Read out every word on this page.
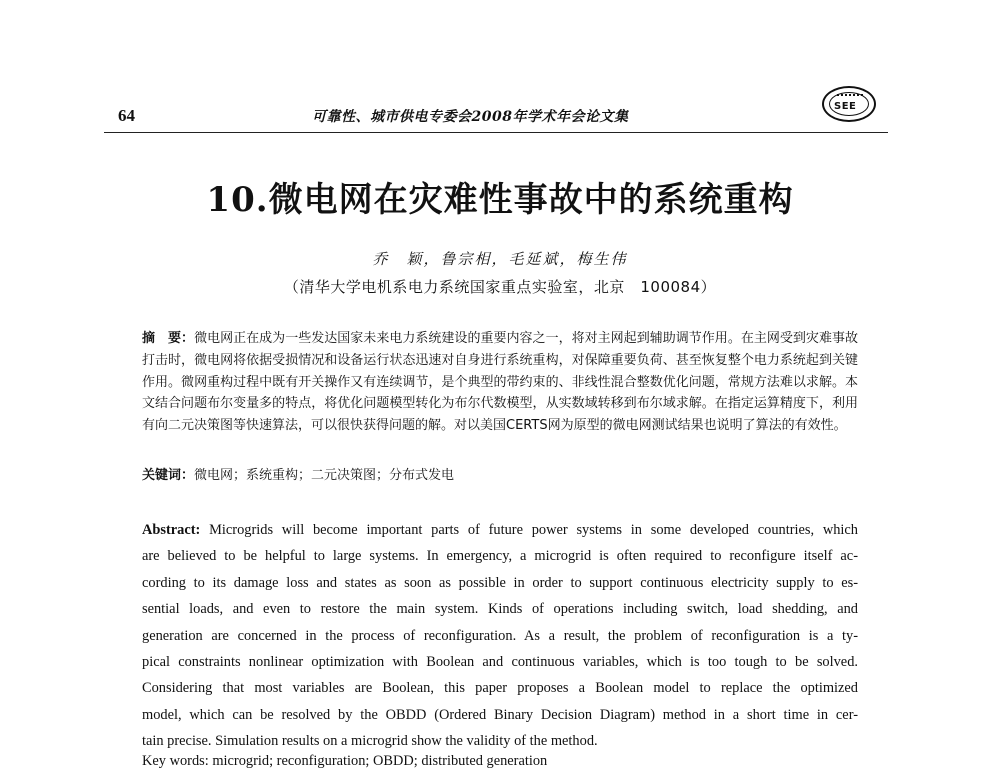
64	可靠性、城市供电专委会2008年学术年会论文集
SEE
10.微电网在灾难性事故中的系统重构
乔　颖，鲁宗相，毛延斌，梅生伟
（清华大学电机系电力系统国家重点实验室，北京　100084）
摘　要：微电网正在成为一些发达国家未来电力系统建设的重要内容之一，将对主网起到辅助调节作用。在主网受到灾难事故打击时，微电网将依据受损情况和设备运行状态迅速对自身进行系统重构，对保障重要负荷、甚至恢复整个电力系统起到关键作用。微网重构过程中既有开关操作又有连续调节，是个典型的带约束的、非线性混合整数优化问题，常规方法难以求解。本文结合问题布尔变量多的特点，将优化问题模型转化为布尔代数模型，从实数域转移到布尔域求解。在指定运算精度下，利用有向二元决策图等快速算法，可以很快获得问题的解。对以美国CERTS网为原型的微电网测试结果也说明了算法的有效性。
关键词：微电网；系统重构；二元决策图；分布式发电
Abstract: Microgrids will become important parts of future power systems in some developed countries, which
are believed to be helpful to large systems. In emergency, a microgrid is often required to reconfigure itself ac-
cording to its damage loss and states as soon as possible in order to support continuous electricity supply to es-
sential loads, and even to restore the main system. Kinds of operations including switch, load shedding, and
generation are concerned in the process of reconfiguration. As a result, the problem of reconfiguration is a ty-
pical constraints nonlinear optimization with Boolean and continuous variables, which is too tough to be solved.
Considering that most variables are Boolean, this paper proposes a Boolean model to replace the optimized
model, which can be resolved by the OBDD (Ordered Binary Decision Diagram) method in a short time in cer-
tain precise. Simulation results on a microgrid show the validity of the method.
Key words: microgrid; reconfiguration; OBDD; distributed generation
